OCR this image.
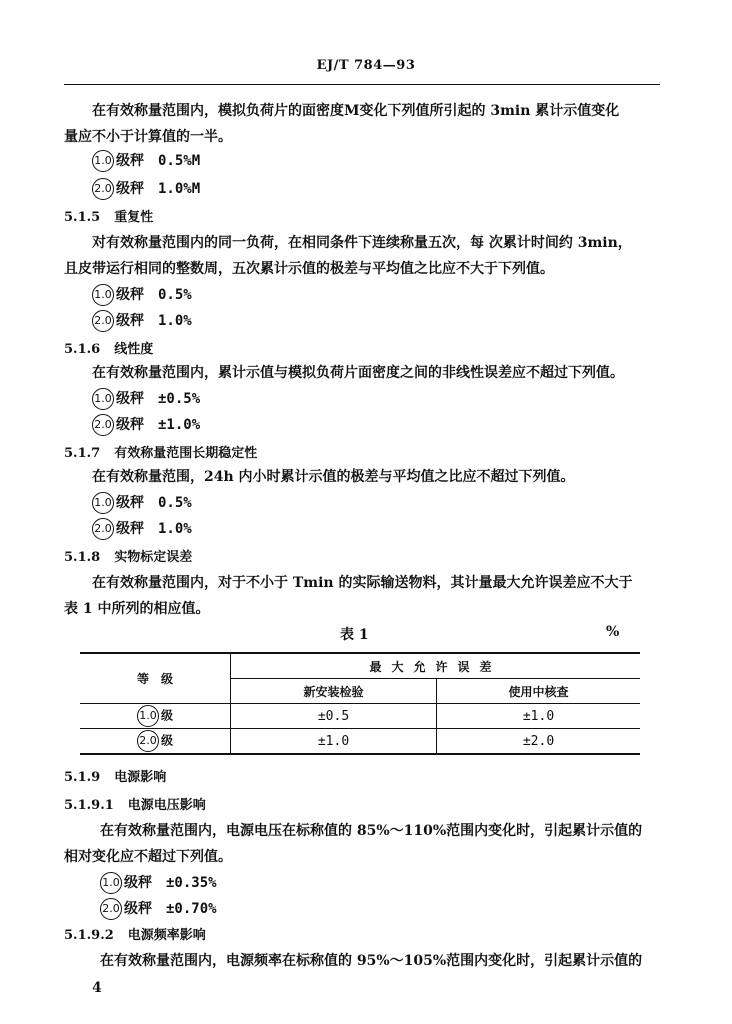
EJ/T 784—93
在有效称量范围内，模拟负荷片的面密度M变化下列值所引起的 3min 累计示值变化
量应不小于计算值的一半。
1.0 级秤 0.5%M
2.0 级秤 1.0%M
5.1.5 重复性
对有效称量范围内的同一负荷，在相同条件下连续称量五次，每 次累计时间约 3min，
且皮带运行相同的整数周，五次累计示值的极差与平均值之比应不大于下列值。
1.0 级秤 0.5%
2.0 级秤 1.0%
5.1.6 线性度
在有效称量范围内，累计示值与模拟负荷片面密度之间的非线性误差应不超过下列值。
1.0 级秤 ±0.5%
2.0 级秤 ±1.0%
5.1.7 有效称量范围长期稳定性
在有效称量范围，24h 内小时累计示值的极差与平均值之比应不超过下列值。
1.0 级秤 0.5%
2.0 级秤 1.0%
5.1.8 实物标定误差
在有效称量范围内，对于不小于 Tmin 的实际输送物料，其计量最大允许误差应不大于
表 1 中所列的相应值。
表 1	%
等　级	最大允许误差	
	新安装检验	使用中核查
1.0 级	±0.5	±1.0
2.0 级	±1.0	±2.0
5.1.9 电源影响
5.1.9.1 电源电压影响
在有效称量范围内，电源电压在标称值的 85%～110%范围内变化时，引起累计示值的
相对变化应不超过下列值。
1.0 级秤 ±0.35%
2.0 级秤 ±0.70%
5.1.9.2 电源频率影响
在有效称量范围内，电源频率在标称值的 95%～105%范围内变化时，引起累计示值的
4
